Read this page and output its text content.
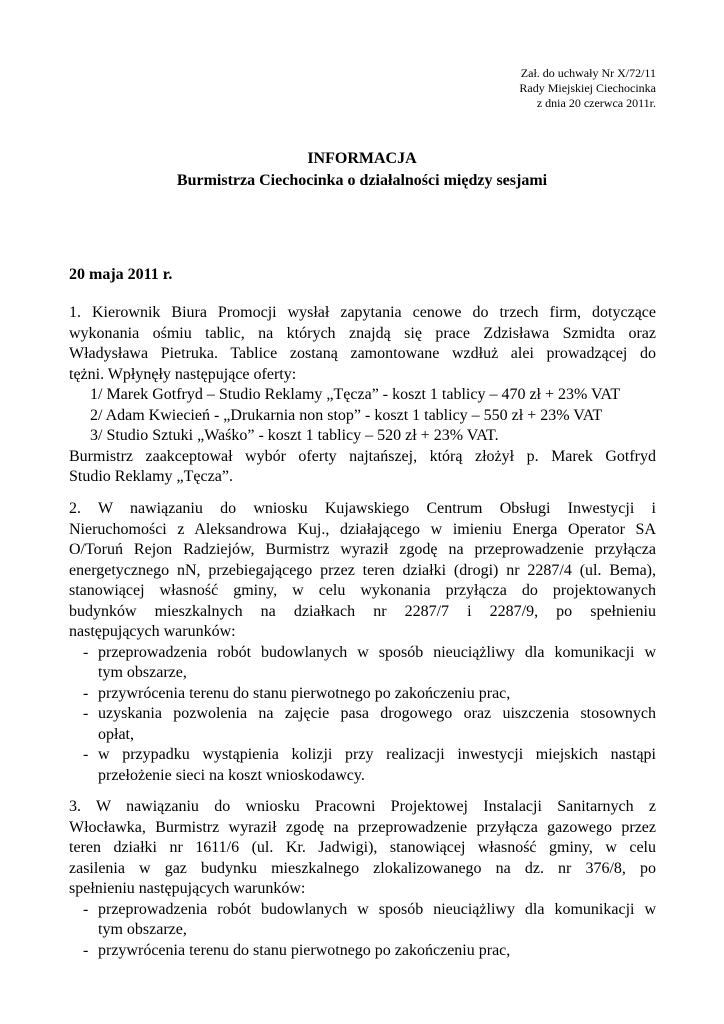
Zał. do uchwały Nr X/72/11
Rady Miejskiej Ciechocinka
z dnia 20 czerwca 2011r.
INFORMACJA
Burmistrza Ciechocinka o działalności między sesjami
20 maja 2011 r.
1. Kierownik Biura Promocji wysłał zapytania cenowe do trzech firm, dotyczące
wykonania ośmiu tablic, na których znajdą się prace Zdzisława Szmidta oraz
Władysława Pietruka. Tablice zostaną zamontowane wzdłuż alei prowadzącej do
tężni. Wpłynęły następujące oferty:
1/ Marek Gotfryd – Studio Reklamy „Tęcza” - koszt 1 tablicy – 470 zł + 23% VAT
2/ Adam Kwiecień - „Drukarnia non stop” - koszt 1 tablicy – 550 zł + 23% VAT
3/ Studio Sztuki „Waśko” - koszt 1 tablicy – 520 zł + 23% VAT.
Burmistrz zaakceptował wybór oferty najtańszej, którą złożył p. Marek Gotfryd
Studio Reklamy „Tęcza”.
2. W nawiązaniu do wniosku Kujawskiego Centrum Obsługi Inwestycji i
Nieruchomości z Aleksandrowa Kuj., działającego w imieniu Energa Operator SA
O/Toruń Rejon Radziejów, Burmistrz wyraził zgodę na przeprowadzenie przyłącza
energetycznego nN, przebiegającego przez teren działki (drogi) nr 2287/4 (ul. Bema),
stanowiącej własność gminy, w celu wykonania przyłącza do projektowanych
budynków mieszkalnych na działkach nr 2287/7 i 2287/9, po spełnieniu
następujących warunków:
- przeprowadzenia robót budowlanych w sposób nieuciążliwy dla komunikacji w
tym obszarze,
- przywrócenia terenu do stanu pierwotnego po zakończeniu prac,
- uzyskania pozwolenia na zajęcie pasa drogowego oraz uiszczenia stosownych
opłat,
- w przypadku wystąpienia kolizji przy realizacji inwestycji miejskich nastąpi
przełożenie sieci na koszt wnioskodawcy.
3. W nawiązaniu do wniosku Pracowni Projektowej Instalacji Sanitarnych z
Włocławka, Burmistrz wyraził zgodę na przeprowadzenie przyłącza gazowego przez
teren działki nr 1611/6 (ul. Kr. Jadwigi), stanowiącej własność gminy, w celu
zasilenia w gaz budynku mieszkalnego zlokalizowanego na dz. nr 376/8, po
spełnieniu następujących warunków:
- przeprowadzenia robót budowlanych w sposób nieuciążliwy dla komunikacji w
tym obszarze,
- przywrócenia terenu do stanu pierwotnego po zakończeniu prac,
